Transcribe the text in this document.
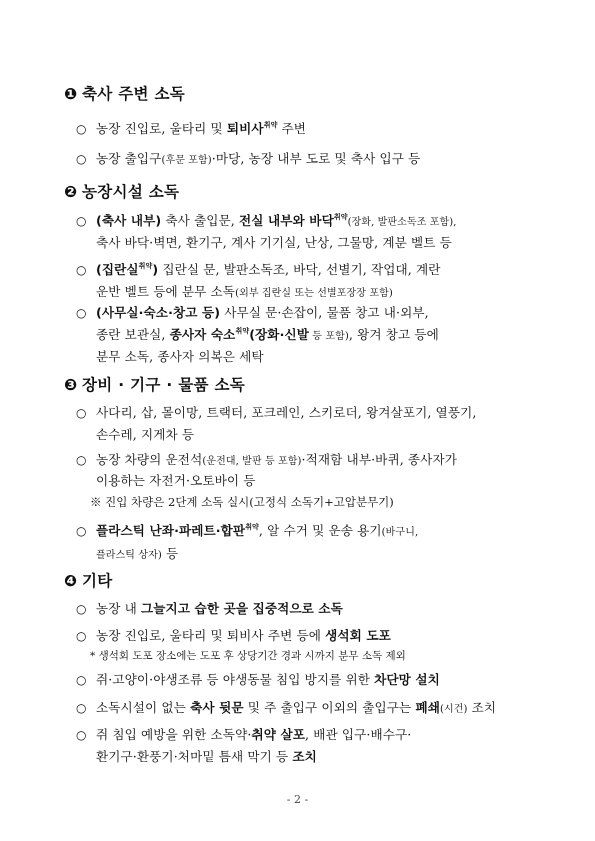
❶ 축사 주변 소독
○ 농장 진입로, 울타리 및 퇴비사$^{취약}$ 주변
○ 농장 출입구(후문 포함)·마당, 농장 내부 도로 및 축사 입구 등
❷ 농장시설 소독
○ (축사 내부) 축사 출입문, 전실 내부와 바닥$^{취약}$(장화, 발판소독조 포함),
축사 바닥·벽면, 환기구, 계사 기기실, 난상, 그물망, 계분 벨트 등
○ (집란실$^{취약}$) 집란실 문, 발판소독조, 바닥, 선별기, 작업대, 계란
운반 벨트 등에 분무 소독(외부 집란실 또는 선별포장장 포함)
○ (사무실·숙소·창고 등) 사무실 문·손잡이, 물품 창고 내·외부,
종란 보관실, 종사자 숙소$^{취약}$(장화·신발 등 포함), 왕겨 창고 등에
분무 소독, 종사자 의복은 세탁
❸ 장비 · 기구 · 물품 소독
○ 사다리, 삽, 몰이망, 트랙터, 포크레인, 스키로더, 왕겨살포기, 열풍기,
손수레, 지게차 등
○ 농장 차량의 운전석(운전대, 발판 등 포함)·적재함 내부·바퀴, 종사자가
이용하는 자전거·오토바이 등
※ 진입 차량은 2단계 소독 실시(고정식 소독기+고압분무기)
○ 플라스틱 난좌·파레트·합판$^{취약}$, 알 수거 및 운송 용기(바구니,
플라스틱 상자) 등
❹ 기타
○ 농장 내 그늘지고 습한 곳을 집중적으로 소독
○ 농장 진입로, 울타리 및 퇴비사 주변 등에 생석회 도포
* 생석회 도포 장소에는 도포 후 상당기간 경과 시까지 분무 소독 제외
○ 쥐·고양이·야생조류 등 야생동물 침입 방지를 위한 차단망 설치
○ 소독시설이 없는 축사 뒷문 및 주 출입구 이외의 출입구는 폐쇄(시건) 조치
○ 쥐 침입 예방을 위한 소독약·취약 살포, 배관 입구·배수구·
환기구·환풍기·처마밑 틈새 막기 등 조치
- 2 -
